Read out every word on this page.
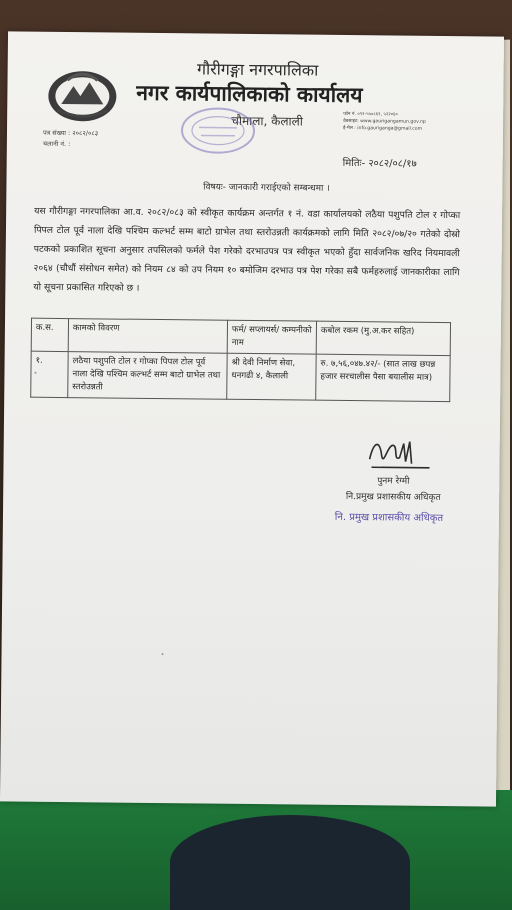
गौरीगङ्गा नगरपालिका
नगर कार्यपालिकाको कार्यालय
चौमाला, कैलाली	फोन नं. ०९१-५५०८६९, ५२२०६०
वेबसाइट: www.gaurigangamun.gov.np
ई-मेल : info.gauriganga@gmail.com
पत्र संख्या : २०८२/०८३
चलानी नं. :
मितिः- २०८२/०८/१७
विषयः- जानकारी गराईएको सम्बन्धमा ।
यस गौरीगङ्गा नगरपालिका आ.व. २०८२/०८३ को स्वीकृत कार्यक्रम अन्तर्गत १ नं. वडा कार्यालयको लठैया पशुपति टोल र गोप्का पिपल टोल पूर्व नाला देखि पश्चिम कल्भर्ट सम्म बाटो ग्राभेल तथा स्तरोउन्नती कार्यक्रमको लागि मिति २०८२/०७/२० गतेको दोस्रो पटकको प्रकाशित सूचना अनुसार तपसिलको फर्मले पेश गरेको दरभाउपत्र पत्र स्वीकृत भएको हुँदा सार्वजनिक खरिद नियमावली २०६४ (चौधौं संसोधन समेत) को नियम ८४ को उप नियम १० बमोजिम दरभाउ पत्र पेश गरेका सबै फर्महरुलाई जानकारीका लागि यो सूचना प्रकासित गरिएको छ ।
क.स.	कामको विवरण	फर्म/ सप्लायर्स/ कम्पनीको नाम	कबोल रकम (मु.अ.कर सहित)
१.	लठैया पशुपति टोल र गोप्का पिपल टोल पूर्व नाला देखि पश्चिम कल्भर्ट सम्म बाटो ग्राभेल तथा स्तरोउन्नती	श्री देवी निर्माण सेवा, धनगढी ४, कैलाली	रु. ७,५६,०४७.४२/- (सात लाख छपन्न हजार सरचालीस पैसा बयालीस मात्र)
पुनम रेग्मी
नि.प्रमुख प्रशासकीय अधिकृत
नि. प्रमुख प्रशासकीय अधिकृत
